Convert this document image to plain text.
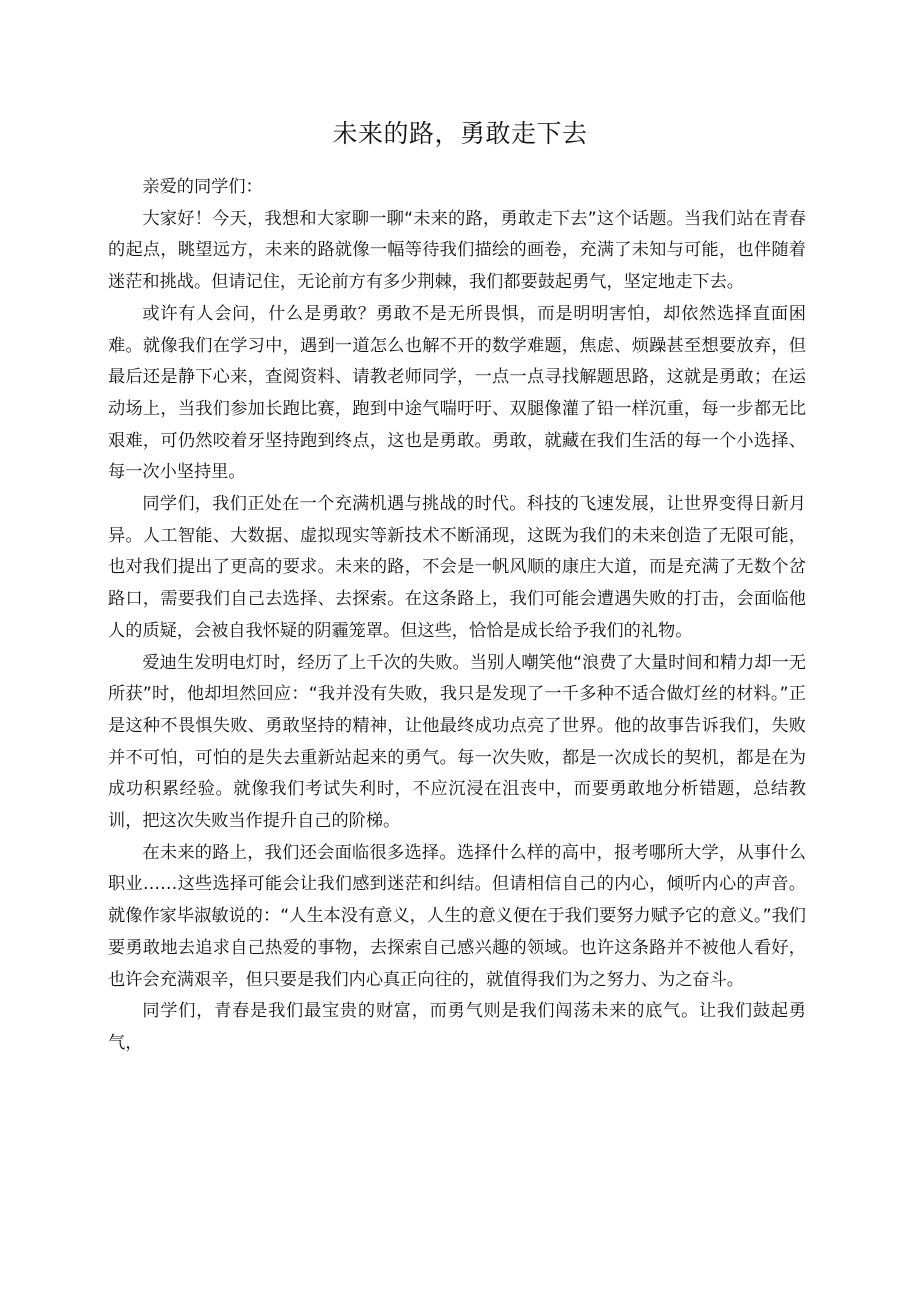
未来的路，勇敢走下去

亲爱的同学们：

大家好！今天，我想和大家聊一聊“未来的路，勇敢走下去”这个话题。当我们站在青春的起点，眺望远方，未来的路就像一幅等待我们描绘的画卷，充满了未知与可能，也伴随着迷茫和挑战。但请记住，无论前方有多少荆棘，我们都要鼓起勇气，坚定地走下去。

或许有人会问，什么是勇敢？勇敢不是无所畏惧，而是明明害怕，却依然选择直面困难。就像我们在学习中，遇到一道怎么也解不开的数学难题，焦虑、烦躁甚至想要放弃，但最后还是静下心来，查阅资料、请教老师同学，一点一点寻找解题思路，这就是勇敢；在运动场上，当我们参加长跑比赛，跑到中途气喘吁吁、双腿像灌了铅一样沉重，每一步都无比艰难，可仍然咬着牙坚持跑到终点，这也是勇敢。勇敢，就藏在我们生活的每一个小选择、每一次小坚持里。

同学们，我们正处在一个充满机遇与挑战的时代。科技的飞速发展，让世界变得日新月异。人工智能、大数据、虚拟现实等新技术不断涌现，这既为我们的未来创造了无限可能，也对我们提出了更高的要求。未来的路，不会是一帆风顺的康庄大道，而是充满了无数个岔路口，需要我们自己去选择、去探索。在这条路上，我们可能会遭遇失败的打击，会面临他人的质疑，会被自我怀疑的阴霾笼罩。但这些，恰恰是成长给予我们的礼物。

爱迪生发明电灯时，经历了上千次的失败。当别人嘲笑他“浪费了大量时间和精力却一无所获”时，他却坦然回应：“我并没有失败，我只是发现了一千多种不适合做灯丝的材料。”正是这种不畏惧失败、勇敢坚持的精神，让他最终成功点亮了世界。他的故事告诉我们，失败并不可怕，可怕的是失去重新站起来的勇气。每一次失败，都是一次成长的契机，都是在为成功积累经验。就像我们考试失利时，不应沉浸在沮丧中，而要勇敢地分析错题，总结教训，把这次失败当作提升自己的阶梯。

在未来的路上，我们还会面临很多选择。选择什么样的高中，报考哪所大学，从事什么职业……这些选择可能会让我们感到迷茫和纠结。但请相信自己的内心，倾听内心的声音。就像作家毕淑敏说的：“人生本没有意义，人生的意义便在于我们要努力赋予它的意义。”我们要勇敢地去追求自己热爱的事物，去探索自己感兴趣的领域。也许这条路并不被他人看好，也许会充满艰辛，但只要是我们内心真正向往的，就值得我们为之努力、为之奋斗。

同学们，青春是我们最宝贵的财富，而勇气则是我们闯荡未来的底气。让我们鼓起勇气，
